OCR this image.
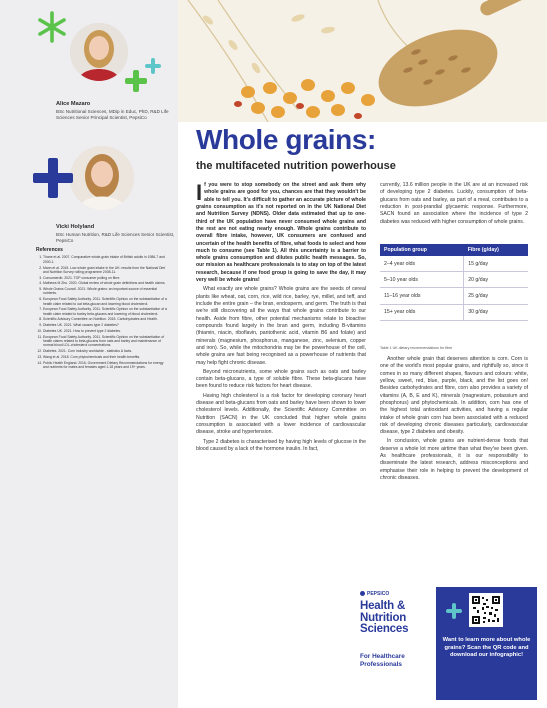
Alice Mazaro
BSc Nutritional Sciences, MDip in Educ, PhD, R&D Life Sciences Senior Principal Scientist, PepsiCo
Vicki Holyland
BSc Human Nutrition, R&D Life Sciences Senior Scientist, PepsiCo
References
1. Thane et al. 2007. Comparative whole-grain intake of British adults in 1986-7 and 2000-1.
2. Mann et al. 2015. Low whole grain intake in the UK: results from the National Diet and Nutrition Survey rolling programme 2008-11.
3. Consumerdb. 2021. TOP consumer polling on fibre.
4. Mathews M Zhu. 2020. Global review of whole grain definitions and health claims.
5. Whole Grains Council. 2021. Whole grains: an important source of essential nutrients.
6. European Food Safety Authority. 2011. Scientific Opinion on the substantiation of a health claim related to oat beta-glucan and lowering blood cholesterol.
7. European Food Safety Authority. 2011. Scientific Opinion on the substantiation of a health claim related to barley beta-glucans and lowering of blood cholesterol.
8. Scientific Advisory Committee on Nutrition. 2015. Carbohydrates and Health.
9. Diabetes UK. 2021. What causes type 2 diabetes?
10. Diabetes UK. 2021. How to prevent type 2 diabetes.
11. European Food Safety Authority. 2011. Scientific Opinion on the substantiation of health claims related to beta-glucans from oats and barley and maintenance of normal blood LDL-cholesterol concentrations.
12. Diabetes. 2021. Corn industry worldwide - statistics & facts.
13. Wang et al. 2018. Corn phytochemicals and their health benefits.
14. Public Health England. 2016. Government Dietary Recommendations for energy and nutrients for males and females aged 1-18 years and 19+ years.
Whole grains:
the multifaceted nutrition powerhouse

If you were to stop somebody on the street and ask them why whole grains are good for you, chances are that they wouldn't be able to tell you. It's difficult to gather an accurate picture of whole grains consumption as it's not reported on in the UK National Diet and Nutrition Survey (NDNS). Older data estimated that up to one-third of the UK population have never consumed whole grains and the rest are not eating nearly enough. Whole grains contribute to overall fibre intake, however, UK consumers are confused and uncertain of the health benefits of fibre, what foods to select and how much to consume (see Table 1). All this uncertainty is a barrier to whole grains consumption and dilutes public health messages. So, our mission as healthcare professionals is to stay on top of the latest research, because if one food group is going to save the day, it may very well be whole grains!

What exactly are whole grains? Whole grains are the seeds of cereal plants like wheat, oat, corn, rice, wild rice, barley, rye, millet, and teff, and include the entire grain – the bran, endosperm, and germ. The truth is that we're still discovering all the ways that whole grains contribute to our health. Aside from fibre, other potential mechanisms relate to bioactive compounds found largely in the bran and germ, including B-vitamins (thiamin, niacin, riboflavin, pantothenic acid, vitamin B6 and folate) and minerals (magnesium, phosphorus, manganese, zinc, selenium, copper and iron). So, while the mitochondria may be the powerhouse of the cell, whole grains are fast being recognised as a powerhouse of nutrients that may help fight chronic disease.

Beyond micronutrients, some whole grains such as oats and barley contain beta-glucans, a type of soluble fibre. These beta-glucans have been found to reduce risk factors for heart disease.

Having high cholesterol is a risk factor for developing coronary heart disease and beta-glucans from oats and barley have been shown to lower cholesterol levels. Additionally, the Scientific Advisory Committee on Nutrition (SACN) in the UK concluded that higher whole grains consumption is associated with a lower incidence of cardiovascular disease, stroke and hypertension.

Type 2 diabetes is characterised by having high levels of glucose in the blood caused by a lack of the hormone insulin. In fact,

currently, 13.6 million people in the UK are at an increased risk of developing type 2 diabetes. Luckily, consumption of beta-glucans from oats and barley, as part of a meal, contributes to a reduction in post-prandial glycaemic response. Furthermore, SACN found an association where the incidence of type 2 diabetes was reduced with higher consumption of whole grains.

Population group	Fibre (g/day)
2–4 year olds	15 g/day
5–10 year olds	20 g/day
11–16 year olds	25 g/day
15+ year olds	30 g/day
Table 1 UK dietary recommendations for fibre

Another whole grain that deserves attention is corn. Corn is one of the world's most popular grains, and rightfully so, since it comes in so many different shapes, flavours and colours: white, yellow, sweet, red, blue, purple, black, and the list goes on! Besides carbohydrates and fibre, corn also provides a variety of vitamins (A, B, E and K), minerals (magnesium, potassium and phosphorus) and phytochemicals. In addition, corn has one of the highest total antioxidant activities, and having a regular intake of whole grain corn has been associated with a reduced risk of developing chronic diseases particularly, cardiovascular disease, type 2 diabetes and obesity.

In conclusion, whole grains are nutrient-dense foods that deserve a whole lot more airtime than what they've been given. As healthcare professionals, it is our responsibility to disseminate the latest research, address misconceptions and emphasise their role in helping to prevent the development of chronic diseases.

PEPSICO
Health &
Nutrition
Sciences
For Healthcare
Professionals
Want to learn more about whole grains? Scan the QR code and download our infographic!
